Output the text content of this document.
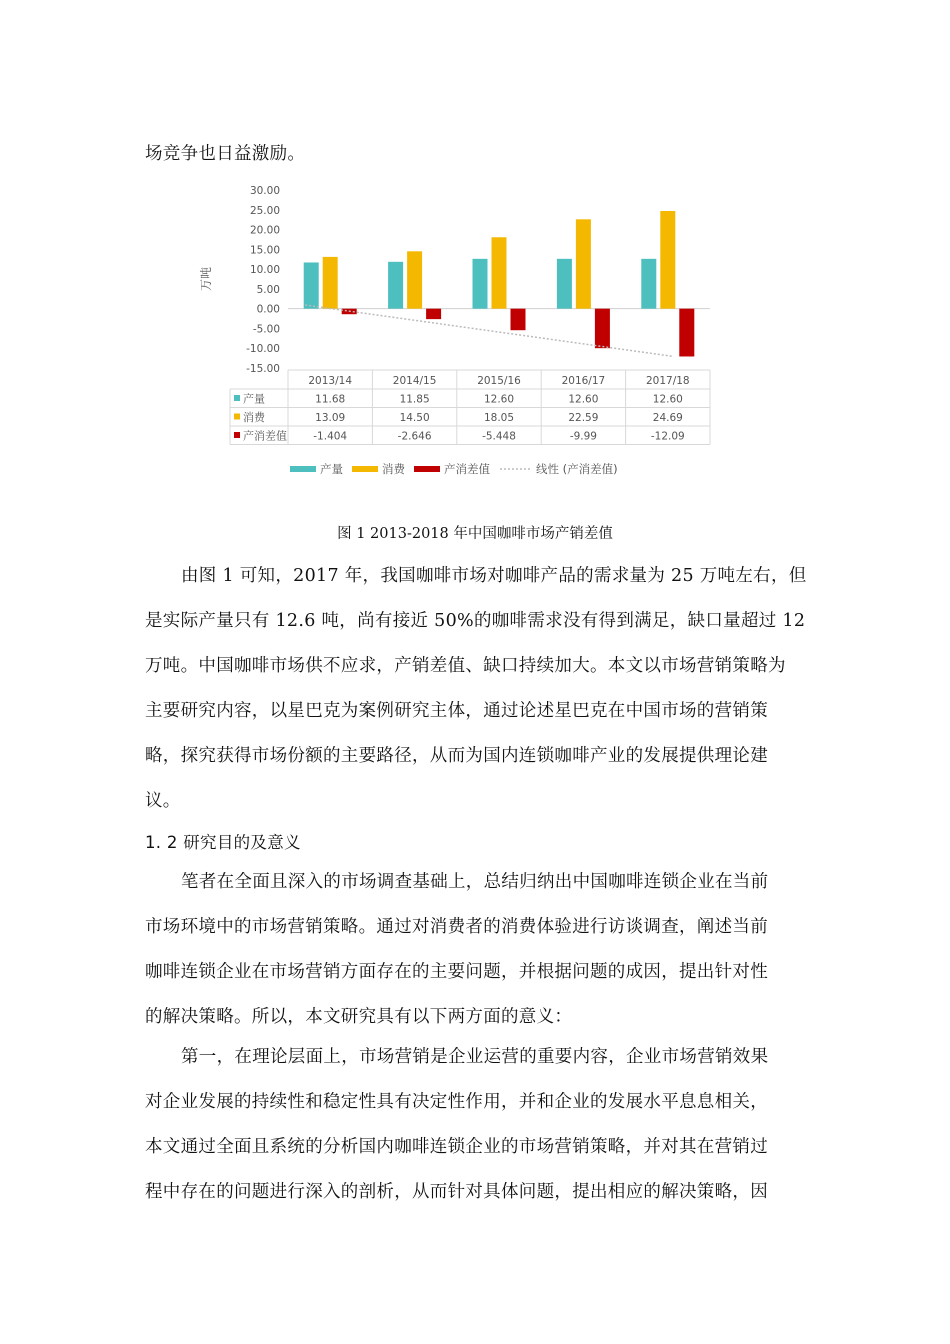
场竞争也日益激励。
30.00
25.00
20.00
15.00
10.00
5.00
0.00
-5.00
-10.00
-15.00
万吨
2013/14	2014/15	2015/16	2016/17	2017/18
产量	11.68	11.85	12.60	12.60	12.60
消费	13.09	14.50	18.05	22.59	24.69
产消差值	-1.404	-2.646	-5.448	-9.99	-12.09
产量	消费	产消差值	线性 (产消差值)
图 1 2013-2018 年中国咖啡市场产销差值
由图 1 可知，2017 年，我国咖啡市场对咖啡产品的需求量为 25 万吨左右，但
是实际产量只有 12.6 吨，尚有接近 50%的咖啡需求没有得到满足，缺口量超过 12
万吨。中国咖啡市场供不应求，产销差值、缺口持续加大。本文以市场营销策略为
主要研究内容，以星巴克为案例研究主体，通过论述星巴克在中国市场的营销策
略，探究获得市场份额的主要路径，从而为国内连锁咖啡产业的发展提供理论建
议。
1. 2 研究目的及意义
笔者在全面且深入的市场调查基础上，总结归纳出中国咖啡连锁企业在当前
市场环境中的市场营销策略。通过对消费者的消费体验进行访谈调查，阐述当前
咖啡连锁企业在市场营销方面存在的主要问题，并根据问题的成因，提出针对性
的解决策略。所以，本文研究具有以下两方面的意义：
第一，在理论层面上，市场营销是企业运营的重要内容，企业市场营销效果
对企业发展的持续性和稳定性具有决定性作用，并和企业的发展水平息息相关，
本文通过全面且系统的分析国内咖啡连锁企业的市场营销策略，并对其在营销过
程中存在的问题进行深入的剖析，从而针对具体问题，提出相应的解决策略，因
